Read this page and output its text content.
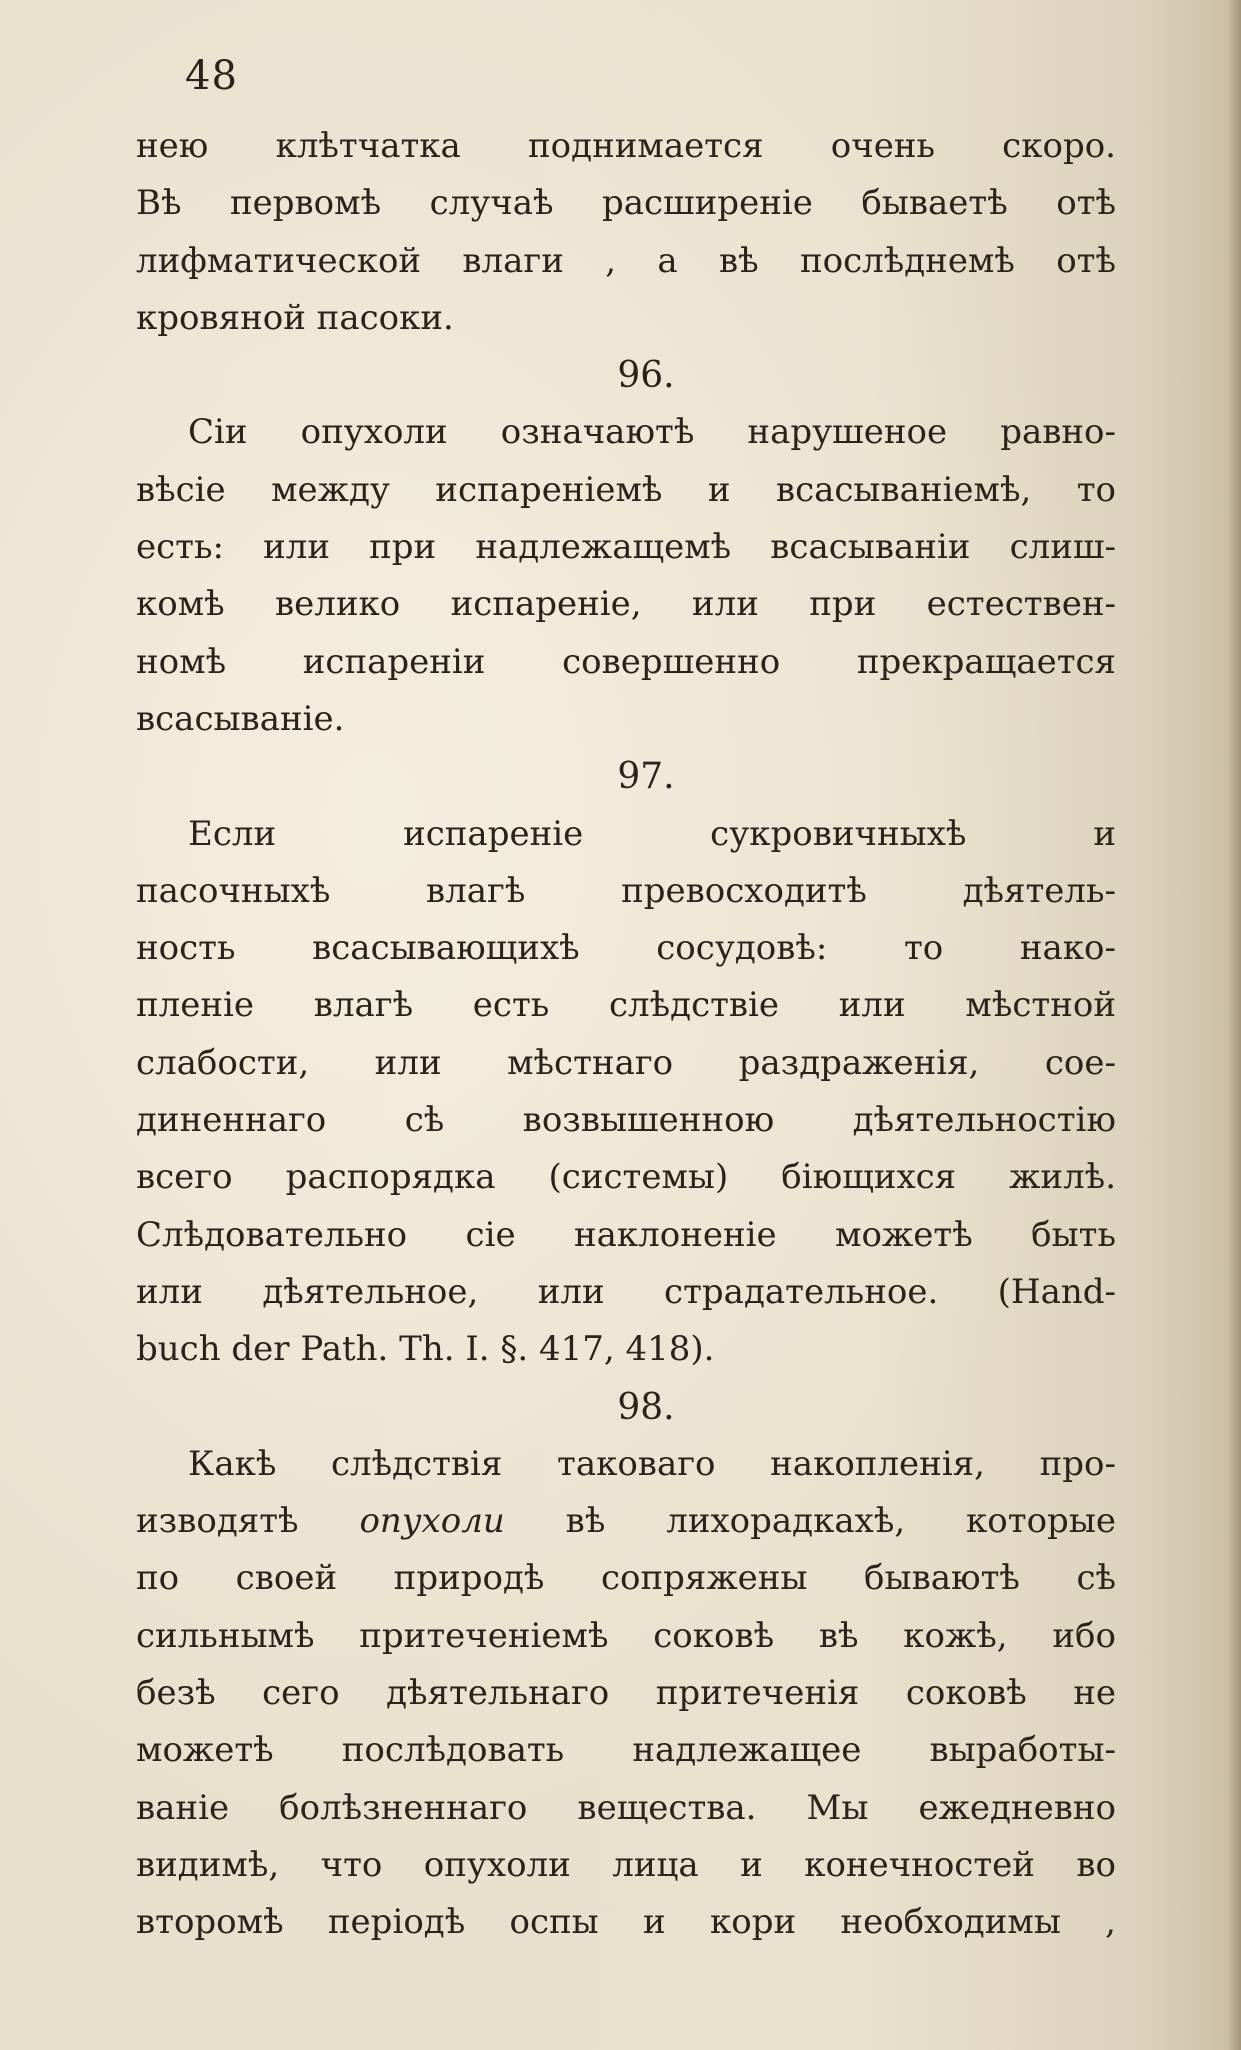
48
нею клѣтчатка поднимается очень скоро.
Вѣ первомѣ случаѣ расширеніе бываетѣ отѣ
лифматической влаги , а вѣ послѣднемѣ отѣ
кровяной пасоки.
96.
Сіи опухоли означаютѣ нарушеное равно-
вѣсіе между испареніемѣ и всасываніемѣ, то
есть: или при надлежащемѣ всасываніи слиш-
комѣ велико испареніе, или при естествен-
номѣ испареніи совершенно прекращается
всасываніе.
97.
Если испареніе сукровичныхѣ и
пасочныхѣ влагѣ превосходитѣ дѣятель-
ность всасывающихѣ сосудовѣ: то нако-
пленіе влагѣ есть слѣдствіе или мѣстной
слабости, или мѣстнаго раздраженія, сое-
диненнаго сѣ возвышенною дѣятельностію
всего распорядка (системы) біющихся жилѣ.
Слѣдовательно сіе наклоненіе можетѣ быть
или дѣятельное, или страдательное. (Hand-
buch der Path. Th. I. §. 417, 418).
98.
Какѣ слѣдствія таковаго накопленія, про-
изводятѣ опухоли вѣ лихорадкахѣ, которые
по своей природѣ сопряжены бываютѣ сѣ
сильнымѣ притеченіемѣ соковѣ вѣ кожѣ, ибо
безѣ сего дѣятельнаго притеченія соковѣ не
можетѣ послѣдовать надлежащее выработы-
ваніе болѣзненнаго вещества. Мы ежедневно
видимѣ, что опухоли лица и конечностей во
второмѣ періодѣ оспы и кори необходимы ,
